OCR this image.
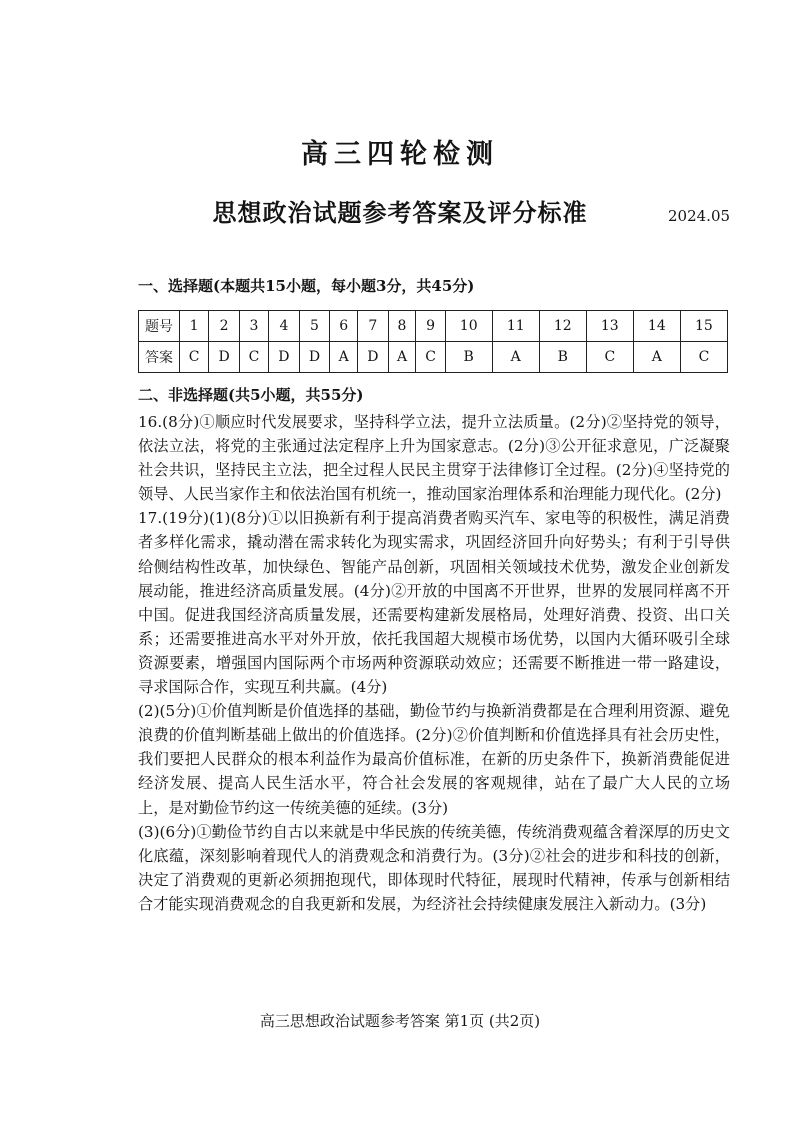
高三四轮检测
思想政治试题参考答案及评分标准	2024.05
一、选择题(本题共15小题，每小题3分，共45分)
题号	1	2	3	4	5	6	7	8	9	10	11	12	13	14	15
答案	C	D	C	D	D	A	D	A	C	B	A	B	C	A	C
二、非选择题(共5小题，共55分)

16.(8分)①顺应时代发展要求，坚持科学立法，提升立法质量。(2分)②坚持党的领导，依法立法，将党的主张通过法定程序上升为国家意志。(2分)③公开征求意见，广泛凝聚社会共识，坚持民主立法，把全过程人民民主贯穿于法律修订全过程。(2分)④坚持党的领导、人民当家作主和依法治国有机统一，推动国家治理体系和治理能力现代化。(2分)

17.(19分)(1)(8分)①以旧换新有利于提高消费者购买汽车、家电等的积极性，满足消费者多样化需求，撬动潜在需求转化为现实需求，巩固经济回升向好势头；有利于引导供给侧结构性改革，加快绿色、智能产品创新，巩固相关领域技术优势，激发企业创新发展动能，推进经济高质量发展。(4分)②开放的中国离不开世界，世界的发展同样离不开中国。促进我国经济高质量发展，还需要构建新发展格局，处理好消费、投资、出口关系；还需要推进高水平对外开放，依托我国超大规模市场优势，以国内大循环吸引全球资源要素，增强国内国际两个市场两种资源联动效应；还需要不断推进一带一路建设，寻求国际合作，实现互利共赢。(4分)

(2)(5分)①价值判断是价值选择的基础，勤俭节约与换新消费都是在合理利用资源、避免浪费的价值判断基础上做出的价值选择。(2分)②价值判断和价值选择具有社会历史性，我们要把人民群众的根本利益作为最高价值标准，在新的历史条件下，换新消费能促进经济发展、提高人民生活水平，符合社会发展的客观规律，站在了最广大人民的立场上，是对勤俭节约这一传统美德的延续。(3分)

(3)(6分)①勤俭节约自古以来就是中华民族的传统美德，传统消费观蕴含着深厚的历史文化底蕴，深刻影响着现代人的消费观念和消费行为。(3分)②社会的进步和科技的创新，决定了消费观的更新必须拥抱现代，即体现时代特征，展现时代精神，传承与创新相结合才能实现消费观念的自我更新和发展，为经济社会持续健康发展注入新动力。(3分)

高三思想政治试题参考答案 第1页 (共2页)
